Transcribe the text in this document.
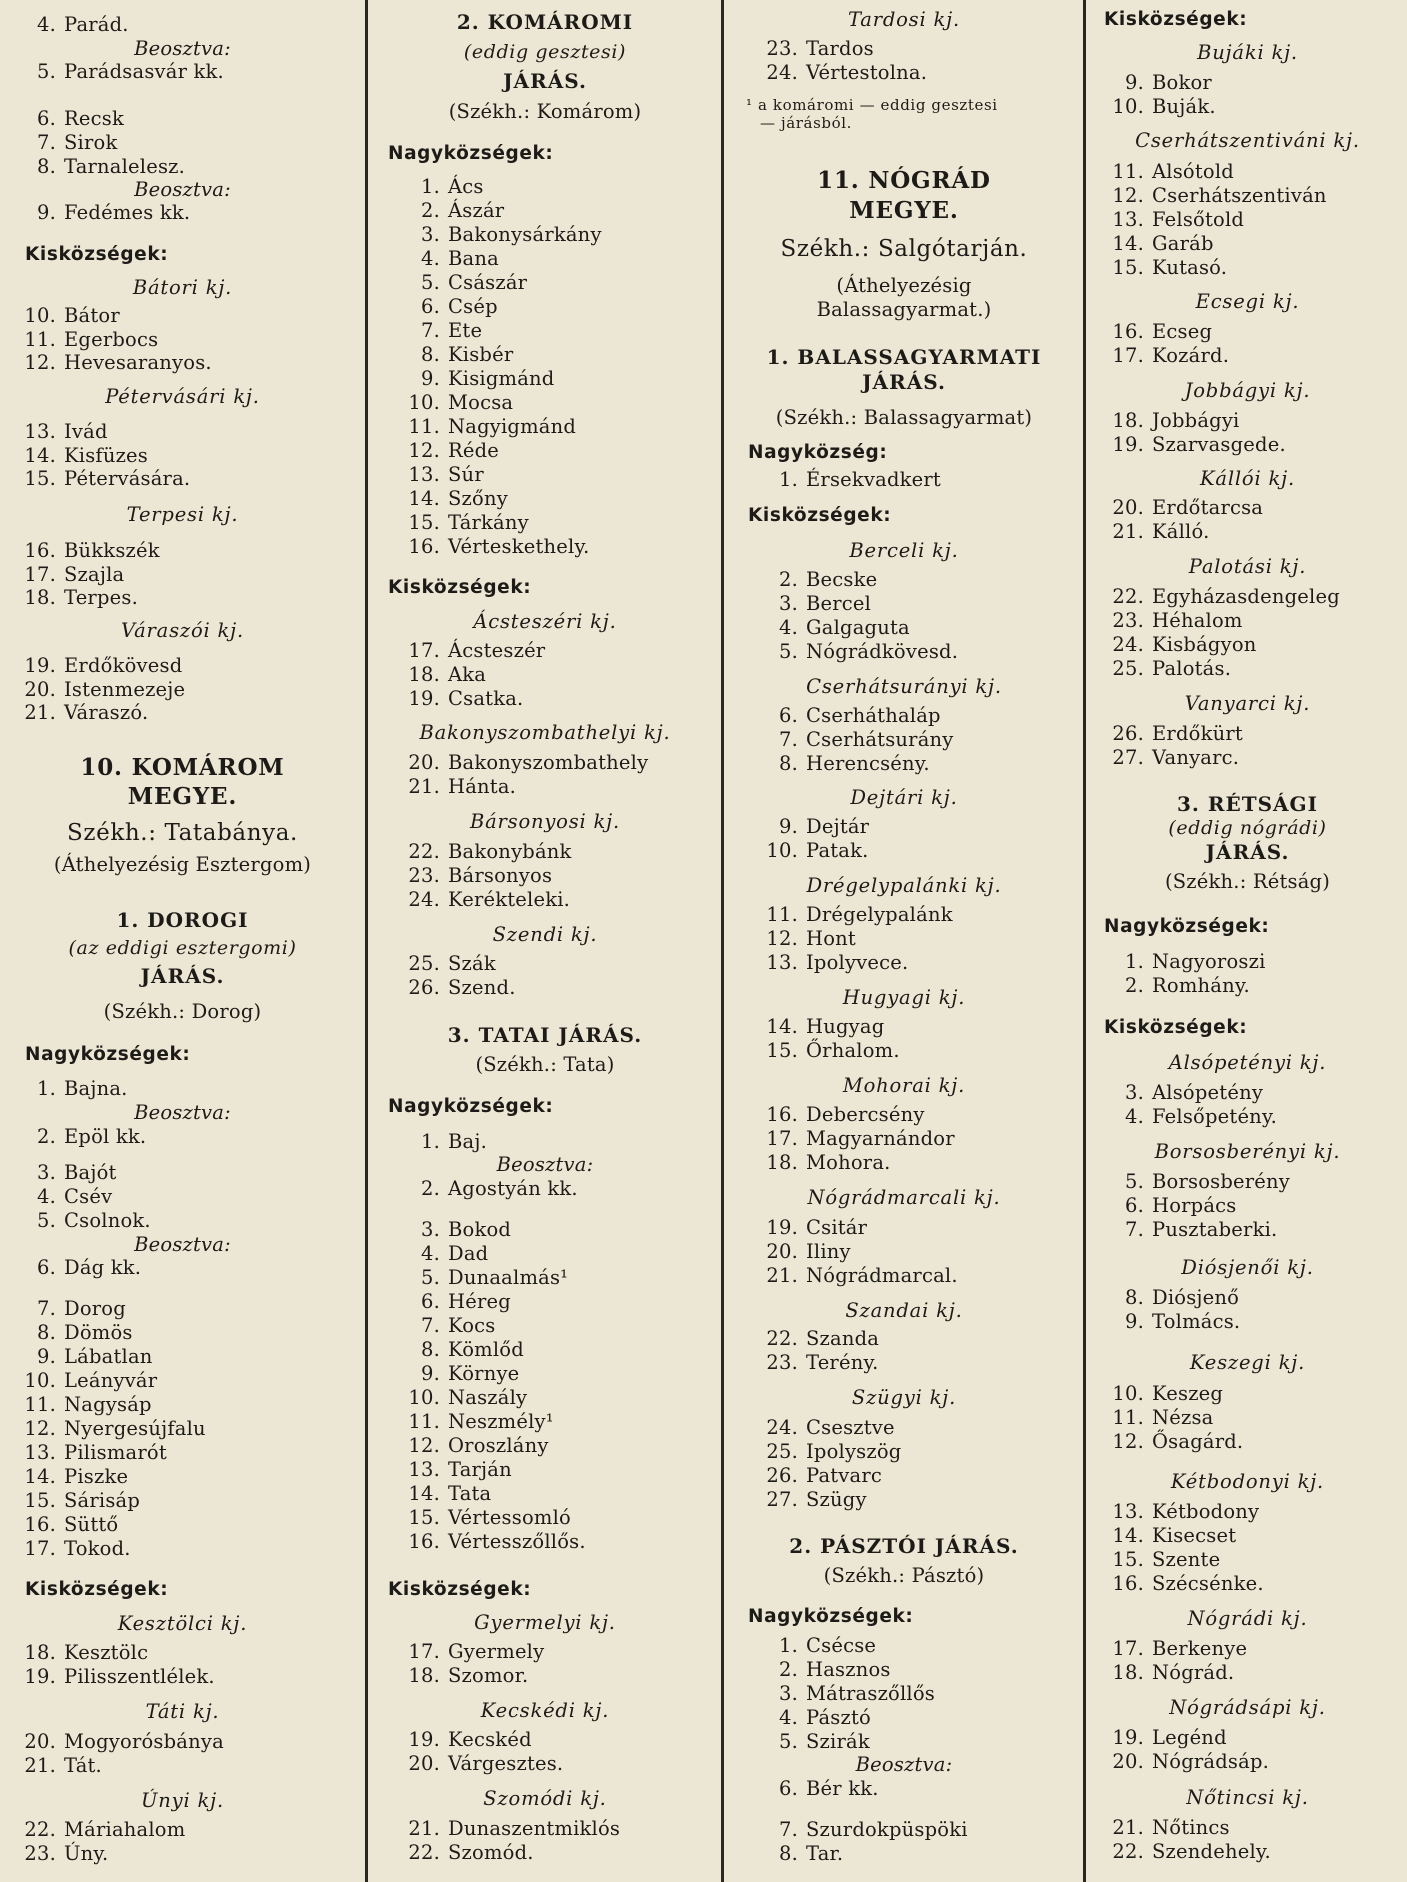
4. Parád.
Beosztva:
5. Parádsasvár kk.
6. Recsk
7. Sirok
8. Tarnalelesz.
Beosztva:
9. Fedémes kk.
Kisközségek:
Bátori kj.
10. Bátor
11. Egerbocs
12. Hevesaranyos.
Pétervásári kj.
13. Ivád
14. Kisfüzes
15. Pétervására.
Terpesi kj.
16. Bükkszék
17. Szajla
18. Terpes.
Váraszói kj.
19. Erdőkövesd
20. Istenmezeje
21. Váraszó.
10. KOMÁROM
MEGYE.
Székh.: Tatabánya.
(Áthelyezésig Esztergom)
1. DOROGI
(az eddigi esztergomi)
JÁRÁS.
(Székh.: Dorog)
Nagyközségek:
1. Bajna.
Beosztva:
2. Epöl kk.
3. Bajót
4. Csév
5. Csolnok.
Beosztva:
6. Dág kk.
7. Dorog
8. Dömös
9. Lábatlan
10. Leányvár
11. Nagysáp
12. Nyergesújfalu
13. Pilismarót
14. Piszke
15. Sárisáp
16. Süttő
17. Tokod.
Kisközségek:
Kesztölci kj.
18. Kesztölc
19. Pilisszentlélek.
Táti kj.
20. Mogyorósbánya
21. Tát.
Únyi kj.
22. Máriahalom
23. Úny.
2. KOMÁROMI
(eddig gesztesi)
JÁRÁS.
(Székh.: Komárom)
Nagyközségek:
1. Ács
2. Ászár
3. Bakonysárkány
4. Bana
5. Császár
6. Csép
7. Ete
8. Kisbér
9. Kisigmánd
10. Mocsa
11. Nagyigmánd
12. Réde
13. Súr
14. Szőny
15. Tárkány
16. Vérteskethely.
Kisközségek:
Ácsteszéri kj.
17. Ácsteszér
18. Aka
19. Csatka.
Bakonyszombathelyi kj.
20. Bakonyszombathely
21. Hánta.
Bársonyosi kj.
22. Bakonybánk
23. Bársonyos
24. Kerékteleki.
Szendi kj.
25. Szák
26. Szend.
3. TATAI JÁRÁS.
(Székh.: Tata)
Nagyközségek:
1. Baj.
Beosztva:
2. Agostyán kk.
3. Bokod
4. Dad
5. Dunaalmás¹
6. Héreg
7. Kocs
8. Kömlőd
9. Környe
10. Naszály
11. Neszmély¹
12. Oroszlány
13. Tarján
14. Tata
15. Vértessomló
16. Vértesszőllős.
Kisközségek:
Gyermelyi kj.
17. Gyermely
18. Szomor.
Kecskédi kj.
19. Kecskéd
20. Várgesztes.
Szomódi kj.
21. Dunaszentmiklós
22. Szomód.
Tardosi kj.
23. Tardos
24. Vértestolna.
¹ a komáromi — eddig gesztesi
— járásból.
11. NÓGRÁD
MEGYE.
Székh.: Salgótarján.
(Áthelyezésig
Balassagyarmat.)
1. BALASSAGYARMATI
JÁRÁS.
(Székh.: Balassagyarmat)
Nagyközség:
1. Érsekvadkert
Kisközségek:
Berceli kj.
2. Becske
3. Bercel
4. Galgaguta
5. Nógrádkövesd.
Cserhátsurányi kj.
6. Cserháthaláp
7. Cserhátsurány
8. Herencsény.
Dejtári kj.
9. Dejtár
10. Patak.
Drégelypalánki kj.
11. Drégelypalánk
12. Hont
13. Ipolyvece.
Hugyagi kj.
14. Hugyag
15. Őrhalom.
Mohorai kj.
16. Debercsény
17. Magyarnándor
18. Mohora.
Nógrádmarcali kj.
19. Csitár
20. Iliny
21. Nógrádmarcal.
Szandai kj.
22. Szanda
23. Terény.
Szügyi kj.
24. Csesztve
25. Ipolyszög
26. Patvarc
27. Szügy
2. PÁSZTÓI JÁRÁS.
(Székh.: Pásztó)
Nagyközségek:
1. Csécse
2. Hasznos
3. Mátraszőllős
4. Pásztó
5. Szirák
Beosztva:
6. Bér kk.
7. Szurdokpüspöki
8. Tar.
Kisközségek:
Bujáki kj.
9. Bokor
10. Buják.
Cserhátszentiváni kj.
11. Alsótold
12. Cserhátszentiván
13. Felsőtold
14. Garáb
15. Kutasó.
Ecsegi kj.
16. Ecseg
17. Kozárd.
Jobbágyi kj.
18. Jobbágyi
19. Szarvasgede.
Kállói kj.
20. Erdőtarcsa
21. Kálló.
Palotási kj.
22. Egyházasdengeleg
23. Héhalom
24. Kisbágyon
25. Palotás.
Vanyarci kj.
26. Erdőkürt
27. Vanyarc.
3. RÉTSÁGI
(eddig nógrádi)
JÁRÁS.
(Székh.: Rétság)
Nagyközségek:
1. Nagyoroszi
2. Romhány.
Kisközségek:
Alsópetényi kj.
3. Alsópetény
4. Felsőpetény.
Borsosberényi kj.
5. Borsosberény
6. Horpács
7. Pusztaberki.
Diósjenői kj.
8. Diósjenő
9. Tolmács.
Keszegi kj.
10. Keszeg
11. Nézsa
12. Ősagárd.
Kétbodonyi kj.
13. Kétbodony
14. Kisecset
15. Szente
16. Szécsénke.
Nógrádi kj.
17. Berkenye
18. Nógrád.
Nógrádsápi kj.
19. Legénd
20. Nógrádsáp.
Nőtincsi kj.
21. Nőtincs
22. Szendehely.
